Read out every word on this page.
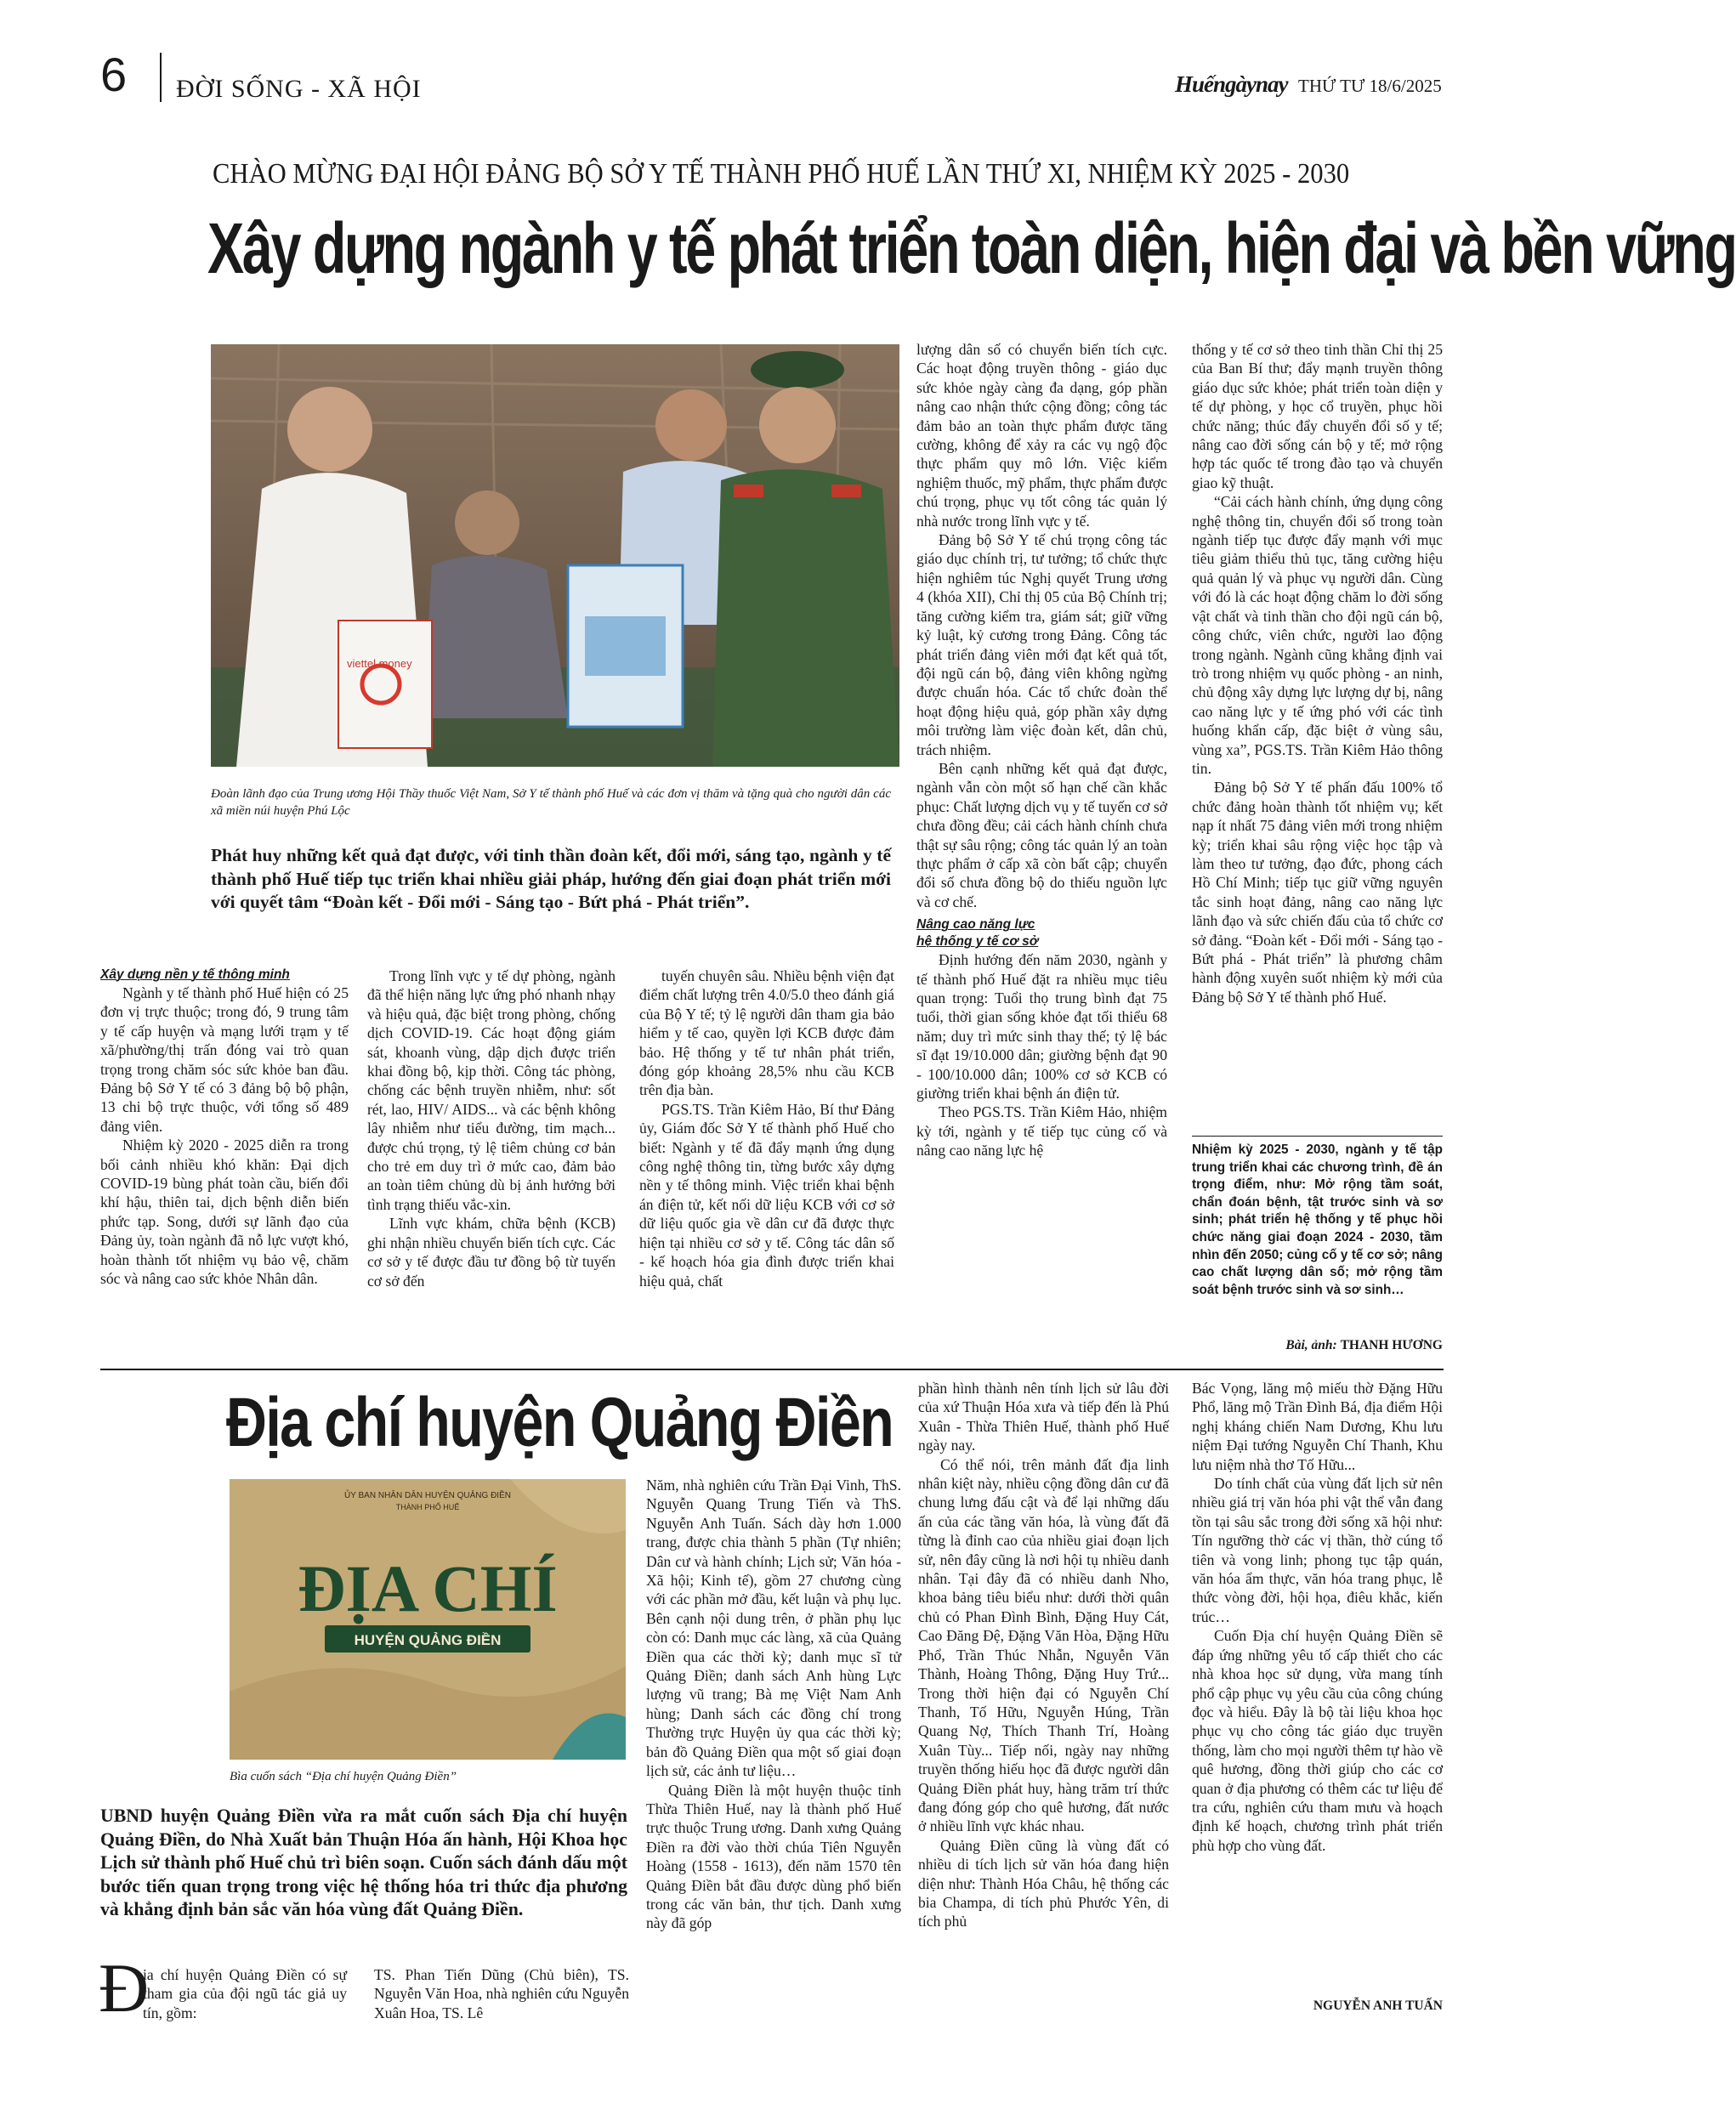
6 ĐỜI SỐNG - XÃ HỘI	Huếngàynay THỨ TƯ 18/6/2025
CHÀO MỪNG ĐẠI HỘI ĐẢNG BỘ SỞ Y TẾ THÀNH PHỐ HUẾ LẦN THỨ XI, NHIỆM KỲ 2025 - 2030
Xây dựng ngành y tế phát triển toàn diện, hiện đại và bền vững
viettel money
Đoàn lãnh đạo của Trung ương Hội Thầy thuốc Việt Nam, Sở Y tế thành phố Huế và các đơn vị thăm và tặng quà cho người dân các xã miền núi huyện Phú Lộc
Phát huy những kết quả đạt được, với tinh thần đoàn kết, đổi mới, sáng tạo, ngành y tế thành phố Huế tiếp tục triển khai nhiều giải pháp, hướng đến giai đoạn phát triển mới với quyết tâm “Đoàn kết - Đổi mới - Sáng tạo - Bứt phá - Phát triển”.

Xây dựng nền y tế thông minh

Ngành y tế thành phố Huế hiện có 25 đơn vị trực thuộc; trong đó, 9 trung tâm y tế cấp huyện và mạng lưới trạm y tế xã/phường/thị trấn đóng vai trò quan trọng trong chăm sóc sức khỏe ban đầu. Đảng bộ Sở Y tế có 3 đảng bộ bộ phận, 13 chi bộ trực thuộc, với tổng số 489 đảng viên.

Nhiệm kỳ 2020 - 2025 diễn ra trong bối cảnh nhiều khó khăn: Đại dịch COVID-19 bùng phát toàn cầu, biến đổi khí hậu, thiên tai, dịch bệnh diễn biến phức tạp. Song, dưới sự lãnh đạo của Đảng ủy, toàn ngành đã nỗ lực vượt khó, hoàn thành tốt nhiệm vụ bảo vệ, chăm sóc và nâng cao sức khỏe Nhân dân.

Trong lĩnh vực y tế dự phòng, ngành đã thể hiện năng lực ứng phó nhanh nhạy và hiệu quả, đặc biệt trong phòng, chống dịch COVID-19. Các hoạt động giám sát, khoanh vùng, dập dịch được triển khai đồng bộ, kịp thời. Công tác phòng, chống các bệnh truyền nhiễm, như: sốt rét, lao, HIV/ AIDS... và các bệnh không lây nhiễm như tiểu đường, tim mạch... được chú trọng, tỷ lệ tiêm chủng cơ bản cho trẻ em duy trì ở mức cao, đảm bảo an toàn tiêm chủng dù bị ảnh hưởng bởi tình trạng thiếu vắc-xin.

Lĩnh vực khám, chữa bệnh (KCB) ghi nhận nhiều chuyển biến tích cực. Các cơ sở y tế được đầu tư đồng bộ từ tuyến cơ sở đến

tuyến chuyên sâu. Nhiều bệnh viện đạt điểm chất lượng trên 4.0/5.0 theo đánh giá của Bộ Y tế; tỷ lệ người dân tham gia bảo hiểm y tế cao, quyền lợi KCB được đảm bảo. Hệ thống y tế tư nhân phát triển, đóng góp khoảng 28,5% nhu cầu KCB trên địa bàn.

PGS.TS. Trần Kiêm Hảo, Bí thư Đảng ủy, Giám đốc Sở Y tế thành phố Huế cho biết: Ngành y tế đã đẩy mạnh ứng dụng công nghệ thông tin, từng bước xây dựng nền y tế thông minh. Việc triển khai bệnh án điện tử, kết nối dữ liệu KCB với cơ sở dữ liệu quốc gia về dân cư đã được thực hiện tại nhiều cơ sở y tế. Công tác dân số - kế hoạch hóa gia đình được triển khai hiệu quả, chất

lượng dân số có chuyển biến tích cực. Các hoạt động truyền thông - giáo dục sức khỏe ngày càng đa dạng, góp phần nâng cao nhận thức cộng đồng; công tác đảm bảo an toàn thực phẩm được tăng cường, không để xảy ra các vụ ngộ độc thực phẩm quy mô lớn. Việc kiểm nghiệm thuốc, mỹ phẩm, thực phẩm được chú trọng, phục vụ tốt công tác quản lý nhà nước trong lĩnh vực y tế.

Đảng bộ Sở Y tế chú trọng công tác giáo dục chính trị, tư tưởng; tổ chức thực hiện nghiêm túc Nghị quyết Trung ương 4 (khóa XII), Chỉ thị 05 của Bộ Chính trị; tăng cường kiểm tra, giám sát; giữ vững kỷ luật, kỷ cương trong Đảng. Công tác phát triển đảng viên mới đạt kết quả tốt, đội ngũ cán bộ, đảng viên không ngừng được chuẩn hóa. Các tổ chức đoàn thể hoạt động hiệu quả, góp phần xây dựng môi trường làm việc đoàn kết, dân chủ, trách nhiệm.

Bên cạnh những kết quả đạt được, ngành vẫn còn một số hạn chế cần khắc phục: Chất lượng dịch vụ y tế tuyến cơ sở chưa đồng đều; cải cách hành chính chưa thật sự sâu rộng; công tác quản lý an toàn thực phẩm ở cấp xã còn bất cập; chuyển đổi số chưa đồng bộ do thiếu nguồn lực và cơ chế.

Nâng cao năng lực

hệ thống y tế cơ sở

Định hướng đến năm 2030, ngành y tế thành phố Huế đặt ra nhiều mục tiêu quan trọng: Tuổi thọ trung bình đạt 75 tuổi, thời gian sống khỏe đạt tối thiểu 68 năm; duy trì mức sinh thay thế; tỷ lệ bác sĩ đạt 19/10.000 dân; giường bệnh đạt 90 - 100/10.000 dân; 100% cơ sở KCB có giường triển khai bệnh án điện tử.

Theo PGS.TS. Trần Kiêm Hảo, nhiệm kỳ tới, ngành y tế tiếp tục củng cố và nâng cao năng lực hệ

thống y tế cơ sở theo tinh thần Chỉ thị 25 của Ban Bí thư; đẩy mạnh truyền thông giáo dục sức khỏe; phát triển toàn diện y tế dự phòng, y học cổ truyền, phục hồi chức năng; thúc đẩy chuyển đổi số y tế; nâng cao đời sống cán bộ y tế; mở rộng hợp tác quốc tế trong đào tạo và chuyển giao kỹ thuật.

“Cải cách hành chính, ứng dụng công nghệ thông tin, chuyển đổi số trong toàn ngành tiếp tục được đẩy mạnh với mục tiêu giảm thiểu thủ tục, tăng cường hiệu quả quản lý và phục vụ người dân. Cùng với đó là các hoạt động chăm lo đời sống vật chất và tinh thần cho đội ngũ cán bộ, công chức, viên chức, người lao động trong ngành. Ngành cũng khẳng định vai trò trong nhiệm vụ quốc phòng - an ninh, chủ động xây dựng lực lượng dự bị, nâng cao năng lực y tế ứng phó với các tình huống khẩn cấp, đặc biệt ở vùng sâu, vùng xa”, PGS.TS. Trần Kiêm Hảo thông tin.

Đảng bộ Sở Y tế phấn đấu 100% tổ chức đảng hoàn thành tốt nhiệm vụ; kết nạp ít nhất 75 đảng viên mới trong nhiệm kỳ; triển khai sâu rộng việc học tập và làm theo tư tưởng, đạo đức, phong cách Hồ Chí Minh; tiếp tục giữ vững nguyên tắc sinh hoạt đảng, nâng cao năng lực lãnh đạo và sức chiến đấu của tổ chức cơ sở đảng. “Đoàn kết - Đổi mới - Sáng tạo - Bứt phá - Phát triển” là phương châm hành động xuyên suốt nhiệm kỳ mới của Đảng bộ Sở Y tế thành phố Huế.

Nhiệm kỳ 2025 - 2030, ngành y tế tập trung triển khai các chương trình, đề án trọng điểm, như: Mở rộng tầm soát, chẩn đoán bệnh, tật trước sinh và sơ sinh; phát triển hệ thống y tế phục hồi chức năng giai đoạn 2024 - 2030, tầm nhìn đến 2050; củng cố y tế cơ sở; nâng cao chất lượng dân số; mở rộng tầm soát bệnh trước sinh và sơ sinh…
Bài, ảnh: THANH HƯƠNG
Địa chí huyện Quảng Điền
ỦY BAN NHÂN DÂN HUYỆN QUẢNG ĐIỀN
THÀNH PHỐ HUẾ
ĐỊA CHÍ
HUYỆN QUẢNG ĐIỀN
Bìa cuốn sách “Địa chí huyện Quảng Điền”
UBND huyện Quảng Điền vừa ra mắt cuốn sách Địa chí huyện Quảng Điền, do Nhà Xuất bản Thuận Hóa ấn hành, Hội Khoa học Lịch sử thành phố Huế chủ trì biên soạn. Cuốn sách đánh dấu một bước tiến quan trọng trong việc hệ thống hóa tri thức địa phương và khẳng định bản sắc văn hóa vùng đất Quảng Điền.
Đ

ịa chí huyện Quảng Điền có sự tham gia của đội ngũ tác giả uy tín, gồm:

TS. Phan Tiến Dũng (Chủ biên), TS. Nguyễn Văn Hoa, nhà nghiên cứu Nguyễn Xuân Hoa, TS. Lê

Năm, nhà nghiên cứu Trần Đại Vinh, ThS. Nguyễn Quang Trung Tiến và ThS. Nguyễn Anh Tuấn. Sách dày hơn 1.000 trang, được chia thành 5 phần (Tự nhiên; Dân cư và hành chính; Lịch sử; Văn hóa - Xã hội; Kinh tế), gồm 27 chương cùng với các phần mở đầu, kết luận và phụ lục. Bên cạnh nội dung trên, ở phần phụ lục còn có: Danh mục các làng, xã của Quảng Điền qua các thời kỳ; danh mục sĩ tử Quảng Điền; danh sách Anh hùng Lực lượng vũ trang; Bà mẹ Việt Nam Anh hùng; Danh sách các đồng chí trong Thường trực Huyện ủy qua các thời kỳ; bản đồ Quảng Điền qua một số giai đoạn lịch sử, các ảnh tư liệu…

Quảng Điền là một huyện thuộc tỉnh Thừa Thiên Huế, nay là thành phố Huế trực thuộc Trung ương. Danh xưng Quảng Điền ra đời vào thời chúa Tiên Nguyễn Hoàng (1558 - 1613), đến năm 1570 tên Quảng Điền bắt đầu được dùng phổ biến trong các văn bản, thư tịch. Danh xưng này đã góp

phần hình thành nên tính lịch sử lâu đời của xứ Thuận Hóa xưa và tiếp đến là Phú Xuân - Thừa Thiên Huế, thành phố Huế ngày nay.

Có thể nói, trên mảnh đất địa linh nhân kiệt này, nhiều cộng đồng dân cư đã chung lưng đấu cật và để lại những dấu ấn của các tầng văn hóa, là vùng đất đã từng là đỉnh cao của nhiều giai đoạn lịch sử, nên đây cũng là nơi hội tụ nhiều danh nhân. Tại đây đã có nhiều danh Nho, khoa bảng tiêu biểu như: dưới thời quân chủ có Phan Đình Bình, Đặng Huy Cát, Cao Đăng Đệ, Đặng Văn Hòa, Đặng Hữu Phổ, Trần Thúc Nhẫn, Nguyễn Văn Thành, Hoàng Thông, Đặng Huy Trứ... Trong thời hiện đại có Nguyễn Chí Thanh, Tố Hữu, Nguyễn Húng, Trần Quang Nợ, Thích Thanh Trí, Hoàng Xuân Tùy... Tiếp nối, ngày nay những truyền thống hiếu học đã được người dân Quảng Điền phát huy, hàng trăm trí thức đang đóng góp cho quê hương, đất nước ở nhiều lĩnh vực khác nhau.

Quảng Điền cũng là vùng đất có nhiều di tích lịch sử văn hóa đang hiện diện như: Thành Hóa Châu, hệ thống các bia Champa, di tích phủ Phước Yên, di tích phủ

Bác Vọng, lăng mộ miếu thờ Đặng Hữu Phổ, lăng mộ Trần Đình Bá, địa điểm Hội nghị kháng chiến Nam Dương, Khu lưu niệm Đại tướng Nguyễn Chí Thanh, Khu lưu niệm nhà thơ Tố Hữu...

Do tính chất của vùng đất lịch sử nên nhiều giá trị văn hóa phi vật thể vẫn đang tồn tại sâu sắc trong đời sống xã hội như: Tín ngưỡng thờ các vị thần, thờ cúng tổ tiên và vong linh; phong tục tập quán, văn hóa ẩm thực, văn hóa trang phục, lễ thức vòng đời, hội họa, điêu khắc, kiến trúc…

Cuốn Địa chí huyện Quảng Điền sẽ đáp ứng những yêu tố cấp thiết cho các nhà khoa học sử dụng, vừa mang tính phổ cập phục vụ yêu cầu của công chúng đọc và hiểu. Đây là bộ tài liệu khoa học phục vụ cho công tác giáo dục truyền thống, làm cho mọi người thêm tự hào về quê hương, đồng thời giúp cho các cơ quan ở địa phương có thêm các tư liệu để tra cứu, nghiên cứu tham mưu và hoạch định kế hoạch, chương trình phát triển phù hợp cho vùng đất.

NGUYỄN ANH TUẤN
